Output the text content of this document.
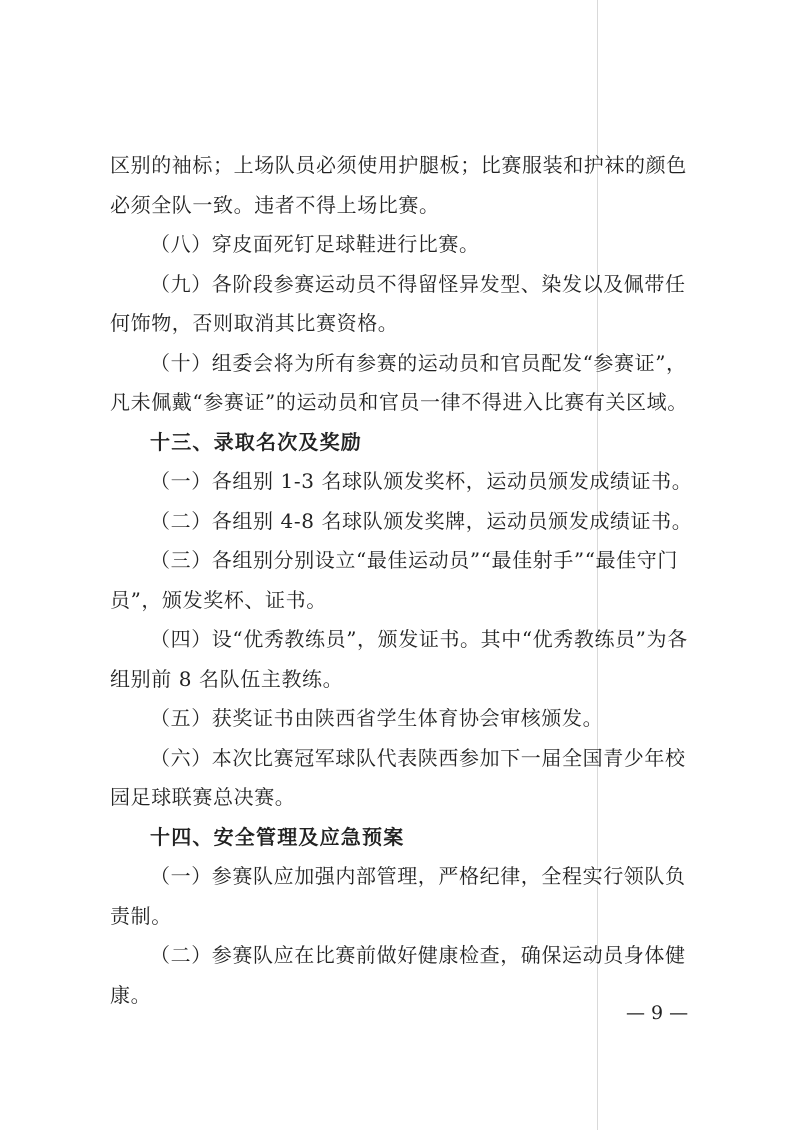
区别的袖标；上场队员必须使用护腿板；比赛服装和护袜的颜色
必须全队一致。违者不得上场比赛。
（八）穿皮面死钉足球鞋进行比赛。
（九）各阶段参赛运动员不得留怪异发型、染发以及佩带任
何饰物，否则取消其比赛资格。
（十）组委会将为所有参赛的运动员和官员配发“参赛证”，
凡未佩戴“参赛证”的运动员和官员一律不得进入比赛有关区域。
十三、录取名次及奖励
（一）各组别 1-3 名球队颁发奖杯，运动员颁发成绩证书。
（二）各组别 4-8 名球队颁发奖牌，运动员颁发成绩证书。
（三）各组别分别设立“最佳运动员”“最佳射手”“最佳守门
员”，颁发奖杯、证书。
（四）设“优秀教练员”，颁发证书。其中“优秀教练员”为各
组别前 8 名队伍主教练。
（五）获奖证书由陕西省学生体育协会审核颁发。
（六）本次比赛冠军球队代表陕西参加下一届全国青少年校
园足球联赛总决赛。
十四、安全管理及应急预案
（一）参赛队应加强内部管理，严格纪律，全程实行领队负
责制。
（二）参赛队应在比赛前做好健康检查，确保运动员身体健
康。
— 9 —
